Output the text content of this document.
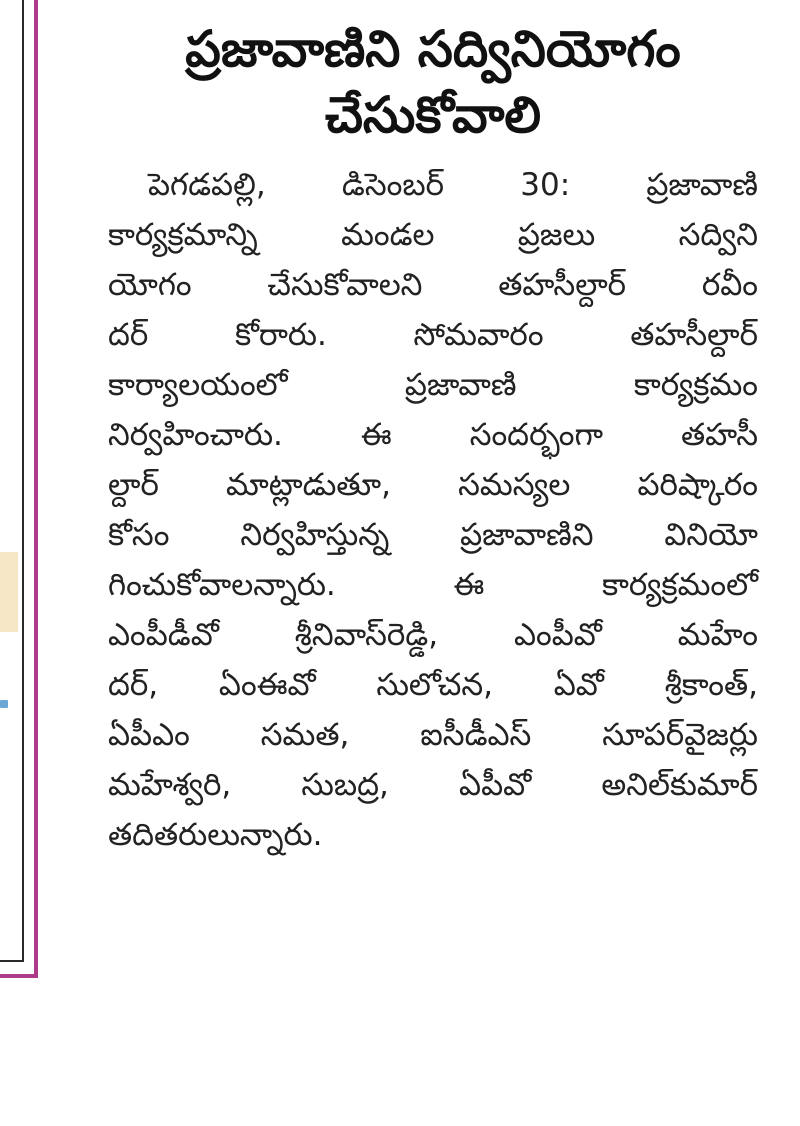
ప్రజావాణిని సద్వినియోగం
చేసుకోవాలి
పెగడపల్లి, డిసెంబర్ 30: ప్రజావాణి
కార్యక్రమాన్ని మండల ప్రజలు సద్విని
యోగం చేసుకోవాలని తహసీల్దార్ రవీం
దర్ కోరారు. సోమవారం తహసీల్దార్
కార్యాలయంలో ప్రజావాణి కార్యక్రమం
నిర్వహించారు. ఈ సందర్భంగా తహసీ
ల్దార్ మాట్లాడుతూ, సమస్యల పరిష్కారం
కోసం నిర్వహిస్తున్న ప్రజావాణిని వినియో
గించుకోవాలన్నారు. ఈ కార్యక్రమంలో
ఎంపీడీవో శ్రీనివాస్‌రెడ్డి, ఎంపీవో మహేం
దర్, ఏంఈవో సులోచన, ఏవో శ్రీకాంత్,
ఏపీఎం సమత, ఐసీడీఎస్ సూపర్‌వైజర్లు
మహేశ్వరి, సుబద్ర, ఏపీవో అనిల్‌కుమార్
తదితరులున్నారు.
